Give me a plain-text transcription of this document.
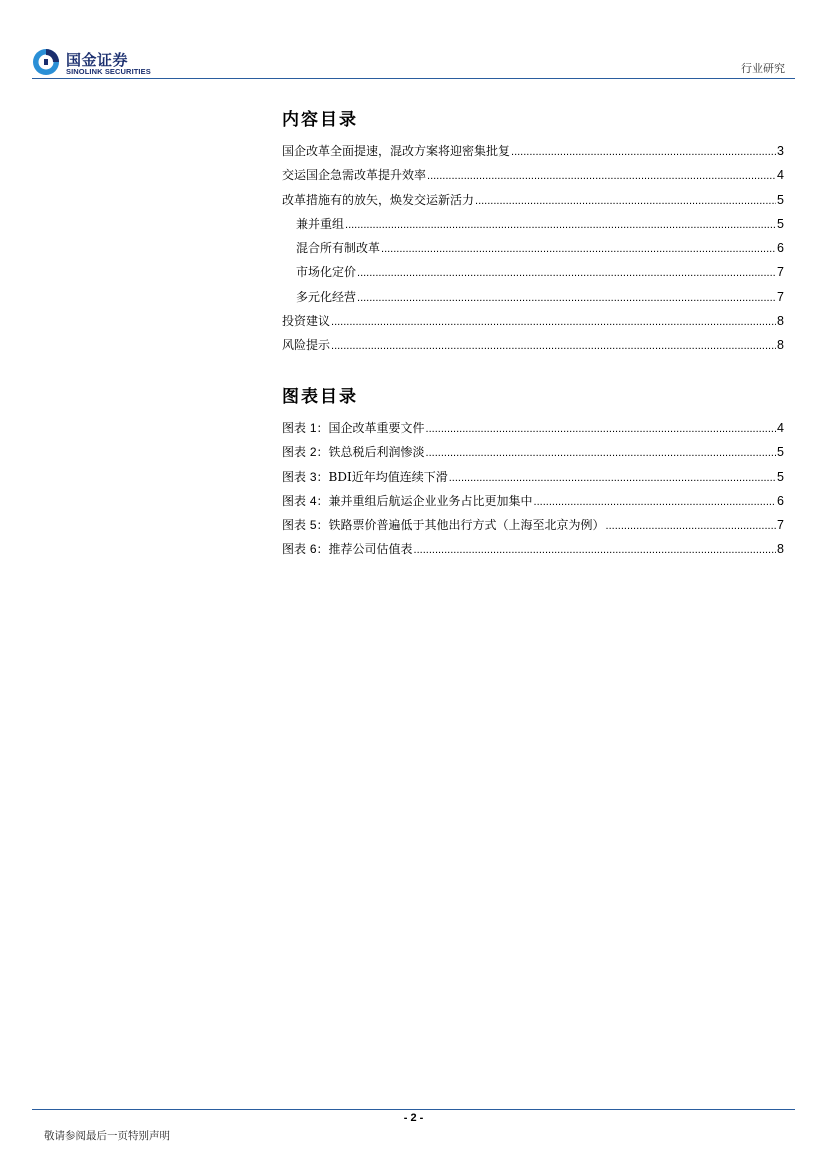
国金证券
SINOLINK SECURITIES	行业研究
内容目录
国企改革全面提速，混改方案将迎密集批复 .....	3
交运国企急需改革提升效率 .....	4
改革措施有的放矢，焕发交运新活力 .....	5
兼并重组 .....	5
混合所有制改革 .....	6
市场化定价 .....	7
多元化经营 .....	7
投资建议 .....	8
风险提示 .....	8
图表目录
图表 1：国企改革重要文件 .....	4
图表 2：铁总税后利润惨淡 .....	5
图表 3：BDI近年均值连续下滑 .....	5
图表 4：兼并重组后航运企业业务占比更加集中 .....	6
图表 5：铁路票价普遍低于其他出行方式（上海至北京为例） .....	7
图表 6：推荐公司估值表 .....	8
- 2 -
敬请参阅最后一页特别声明
